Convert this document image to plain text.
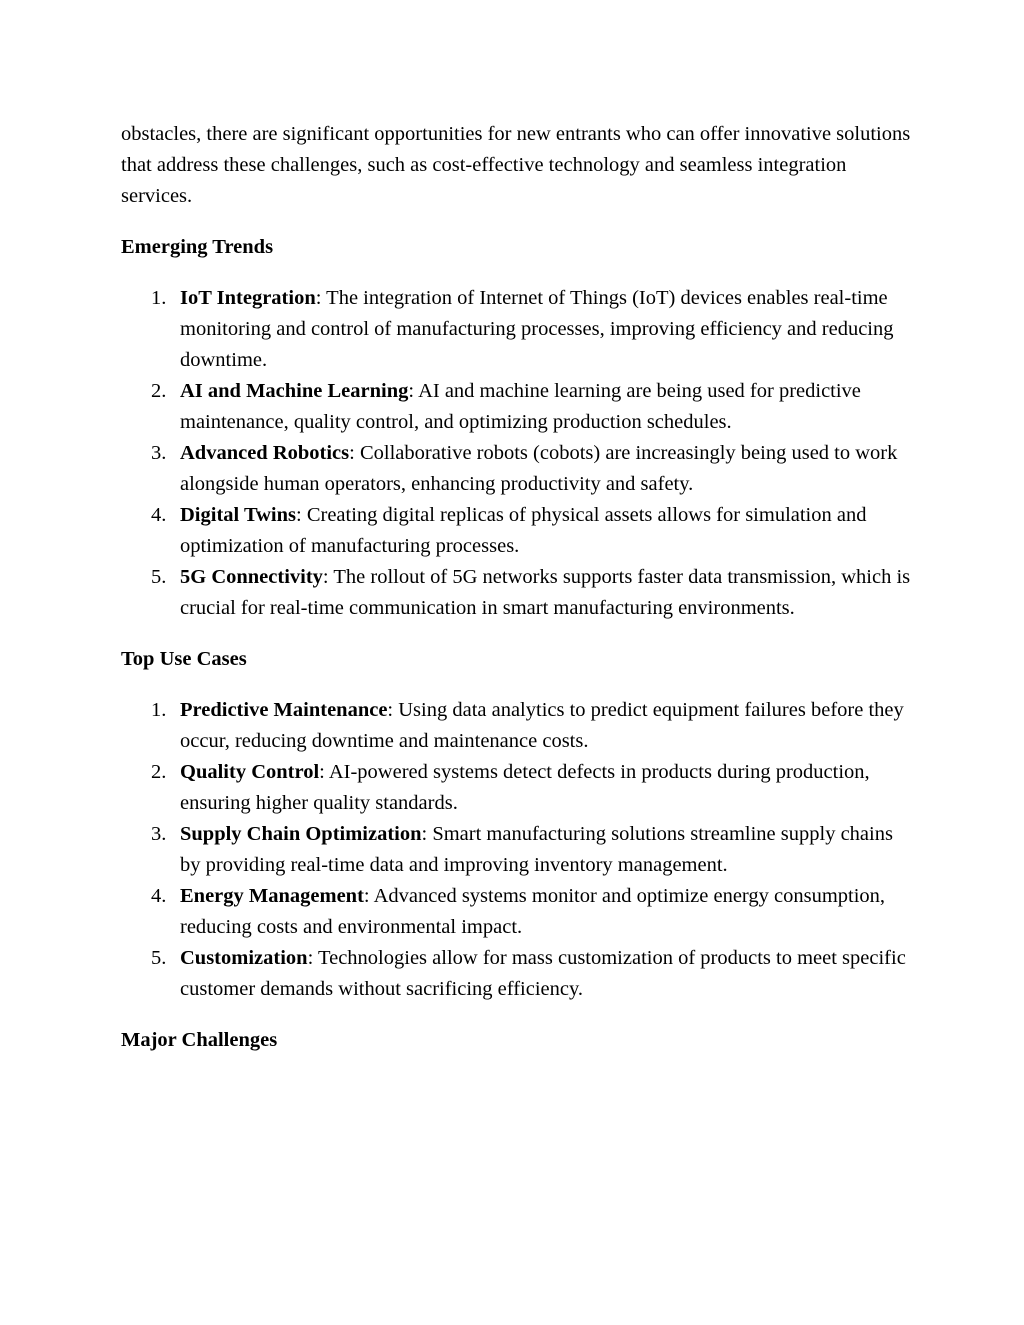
obstacles, there are significant opportunities for new entrants who can offer innovative solutions that address these challenges, such as cost-effective technology and seamless integration services.

Emerging Trends
1. IoT Integration: The integration of Internet of Things (IoT) devices enables real-time monitoring and control of manufacturing processes, improving efficiency and reducing downtime.
2. AI and Machine Learning: AI and machine learning are being used for predictive maintenance, quality control, and optimizing production schedules.
3. Advanced Robotics: Collaborative robots (cobots) are increasingly being used to work alongside human operators, enhancing productivity and safety.
4. Digital Twins: Creating digital replicas of physical assets allows for simulation and optimization of manufacturing processes.
5. 5G Connectivity: The rollout of 5G networks supports faster data transmission, which is crucial for real-time communication in smart manufacturing environments.
Top Use Cases
1. Predictive Maintenance: Using data analytics to predict equipment failures before they occur, reducing downtime and maintenance costs.
2. Quality Control: AI-powered systems detect defects in products during production, ensuring higher quality standards.
3. Supply Chain Optimization: Smart manufacturing solutions streamline supply chains by providing real-time data and improving inventory management.
4. Energy Management: Advanced systems monitor and optimize energy consumption, reducing costs and environmental impact.
5. Customization: Technologies allow for mass customization of products to meet specific customer demands without sacrificing efficiency.
Major Challenges
